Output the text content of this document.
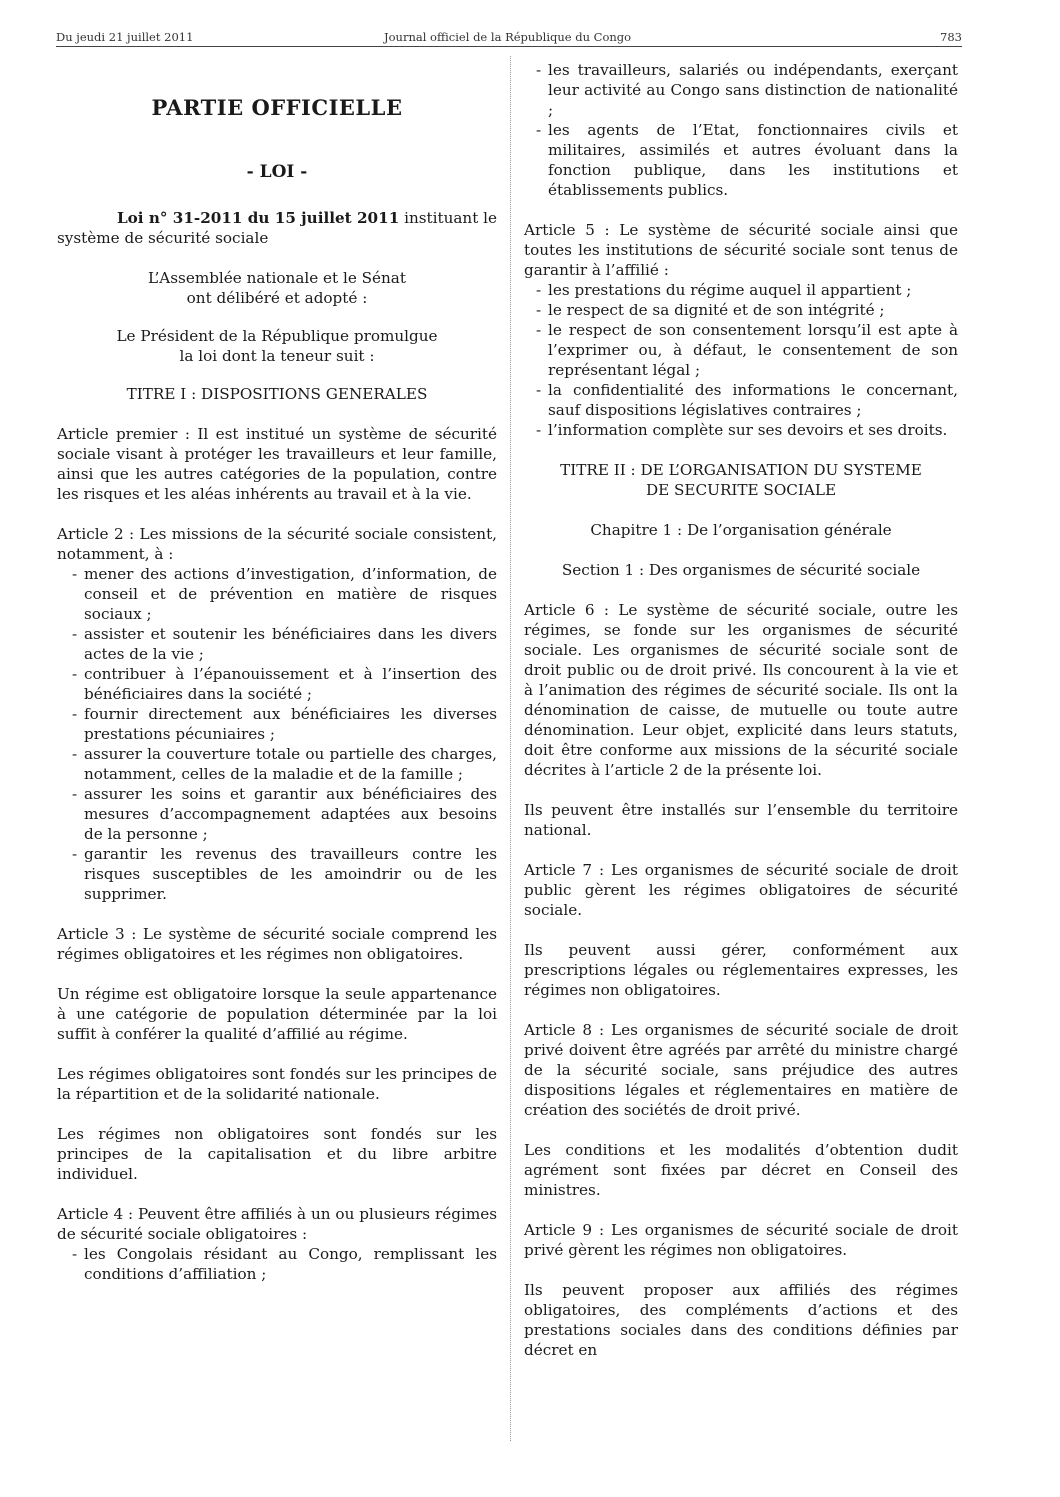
Du jeudi 21 juillet 2011	Journal officiel de la République du Congo	783
PARTIE OFFICIELLE
- LOI -

Loi n° 31-2011 du 15 juillet 2011 instituant le système de sécurité sociale

L’Assemblée nationale et le Sénat

ont délibéré et adopté :

Le Président de la République promulgue

la loi dont la teneur suit :

TITRE I : DISPOSITIONS GENERALES

Article premier : Il est institué un système de sécurité sociale visant à protéger les travailleurs et leur famille, ainsi que les autres catégories de la population, contre les risques et les aléas inhérents au travail et à la vie.

Article 2 : Les missions de la sécurité sociale consistent, notamment, à :

- mener des actions d’investigation, d’information, de conseil et de prévention en matière de risques sociaux ;
- assister et soutenir les bénéficiaires dans les divers actes de la vie ;
- contribuer à l’épanouissement et à l’insertion des bénéficiaires dans la société ;
- fournir directement aux bénéficiaires les diverses prestations pécuniaires ;
- assurer la couverture totale ou partielle des charges, notamment, celles de la maladie et de la famille ;
- assurer les soins et garantir aux bénéficiaires des mesures d’accompagnement adaptées aux besoins de la personne ;
- garantir les revenus des travailleurs contre les risques susceptibles de les amoindrir ou de les supprimer.

Article 3 : Le système de sécurité sociale comprend les régimes obligatoires et les régimes non obligatoires.

Un régime est obligatoire lorsque la seule appartenance à une catégorie de population déterminée par la loi suffit à conférer la qualité d’affilié au régime.

Les régimes obligatoires sont fondés sur les principes de la répartition et de la solidarité nationale.

Les régimes non obligatoires sont fondés sur les principes de la capitalisation et du libre arbitre individuel.

Article 4 : Peuvent être affiliés à un ou plusieurs régimes de sécurité sociale obligatoires :

- les Congolais résidant au Congo, remplissant les conditions d’affiliation ;
- les travailleurs, salariés ou indépendants, exerçant leur activité au Congo sans distinction de nationalité ;
- les agents de l’Etat, fonctionnaires civils et militaires, assimilés et autres évoluant dans la fonction publique, dans les institutions et établissements publics.

Article 5 : Le système de sécurité sociale ainsi que toutes les institutions de sécurité sociale sont tenus de garantir à l’affilié :

- les prestations du régime auquel il appartient ;
- le respect de sa dignité et de son intégrité ;
- le respect de son consentement lorsqu’il est apte à l’exprimer ou, à défaut, le consentement de son représentant légal ;
- la confidentialité des informations le concernant, sauf dispositions législatives contraires ;
- l’information complète sur ses devoirs et ses droits.

TITRE II : DE L’ORGANISATION DU SYSTEME

DE SECURITE SOCIALE

Chapitre 1 : De l’organisation générale

Section 1 : Des organismes de sécurité sociale

Article 6 : Le système de sécurité sociale, outre les régimes, se fonde sur les organismes de sécurité sociale. Les organismes de sécurité sociale sont de droit public ou de droit privé. Ils concourent à la vie et à l’animation des régimes de sécurité sociale. Ils ont la dénomination de caisse, de mutuelle ou toute autre dénomination. Leur objet, explicité dans leurs statuts, doit être conforme aux missions de la sécurité sociale décrites à l’article 2 de la présente loi.

Ils peuvent être installés sur l’ensemble du territoire national.

Article 7 : Les organismes de sécurité sociale de droit public gèrent les régimes obligatoires de sécurité sociale.

Ils peuvent aussi gérer, conformément aux prescriptions légales ou réglementaires expresses, les régimes non obligatoires.

Article 8 : Les organismes de sécurité sociale de droit privé doivent être agréés par arrêté du ministre chargé de la sécurité sociale, sans préjudice des autres dispositions légales et réglementaires en matière de création des sociétés de droit privé.

Les conditions et les modalités d’obtention dudit agrément sont fixées par décret en Conseil des ministres.

Article 9 : Les organismes de sécurité sociale de droit privé gèrent les régimes non obligatoires.

Ils peuvent proposer aux affiliés des régimes obligatoires, des compléments d’actions et des prestations sociales dans des conditions définies par décret en
